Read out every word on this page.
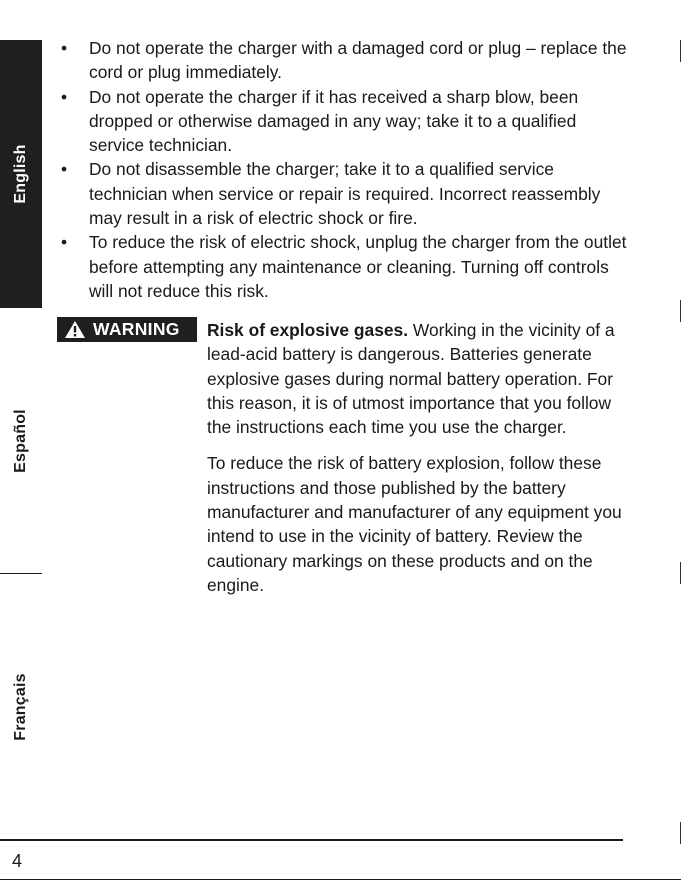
English
Español
Français
• Do not operate the charger with a damaged cord or plug – replace the cord or plug immediately.
• Do not operate the charger if it has received a sharp blow, been dropped or otherwise damaged in any way; take it to a qualified service technician.
• Do not disassemble the charger; take it to a qualified service technician when service or repair is required. Incorrect reassembly may result in a risk of electric shock or fire.
• To reduce the risk of electric shock, unplug the charger from the outlet before attempting any maintenance or cleaning. Turning off controls will not reduce this risk.
WARNING Risk of explosive gases. Working in the vicinity of a lead-acid battery is dangerous. Batteries generate explosive gases during normal battery operation. For this reason, it is of utmost importance that you follow the instructions each time you use the charger.

To reduce the risk of battery explosion, follow these instructions and those published by the battery manufacturer and manufacturer of any equipment you intend to use in the vicinity of battery. Review the cautionary markings on these products and on the engine.

4
